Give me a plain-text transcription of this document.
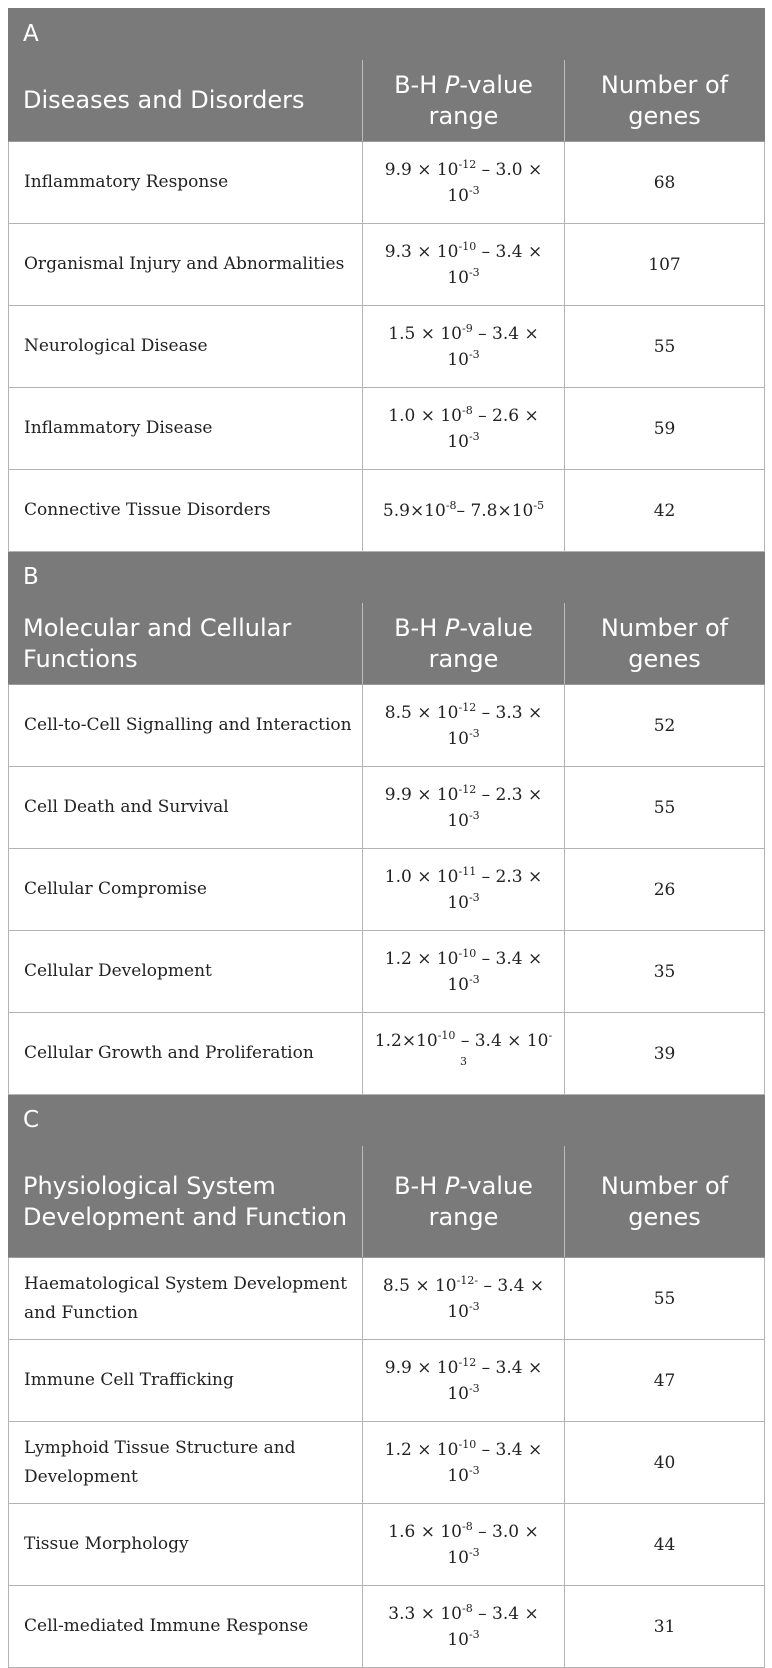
A		
Diseases and Disorders	B-H P-value range	Number of genes
Inflammatory Response	$9.9 \times 10^{-12} - 3.0 \times 10^{-3}$	68
Organismal Injury and Abnormalities	$9.3 \times 10^{-10} - 3.4 \times 10^{-3}$	107
Neurological Disease	$1.5 \times 10^{-9} - 3.4 \times 10^{-3}$	55
Inflammatory Disease	$1.0 \times 10^{-8} - 2.6 \times 10^{-3}$	59
Connective Tissue Disorders	$5.9\times 10^{-8}-$ $7.8\times 10^{-5}$	42
B		
Molecular and Cellular Functions	B-H P-value range	Number of genes
Cell-to-Cell Signalling and Interaction	$8.5 \times 10^{-12} - 3.3 \times 10^{-3}$	52
Cell Death and Survival	$9.9 \times 10^{-12} - 2.3 \times 10^{-3}$	55
Cellular Compromise	$1.0 \times 10^{-11} - 2.3 \times 10^{-3}$	26
Cellular Development	$1.2 \times 10^{-10} - 3.4 \times 10^{-3}$	35
Cellular Growth and Proliferation	$1.2\times 10^{-10} - 3.4 \times 10^{-3}$	39
C		
Physiological System Development and Function	B-H P-value range	Number of genes
Haematological System Development and Function	$8.5 \times 10^{-12-} - 3.4 \times 10^{-3}$	55
Immune Cell Trafficking	$9.9 \times 10^{-12} - 3.4 \times 10^{-3}$	47
Lymphoid Tissue Structure and Development	$1.2 \times 10^{-10} - 3.4 \times 10^{-3}$	40
Tissue Morphology	$1.6 \times 10^{-8} - 3.0 \times 10^{-3}$	44
Cell-mediated Immune Response	$3.3 \times 10^{-8} - 3.4 \times 10^{-3}$	31
